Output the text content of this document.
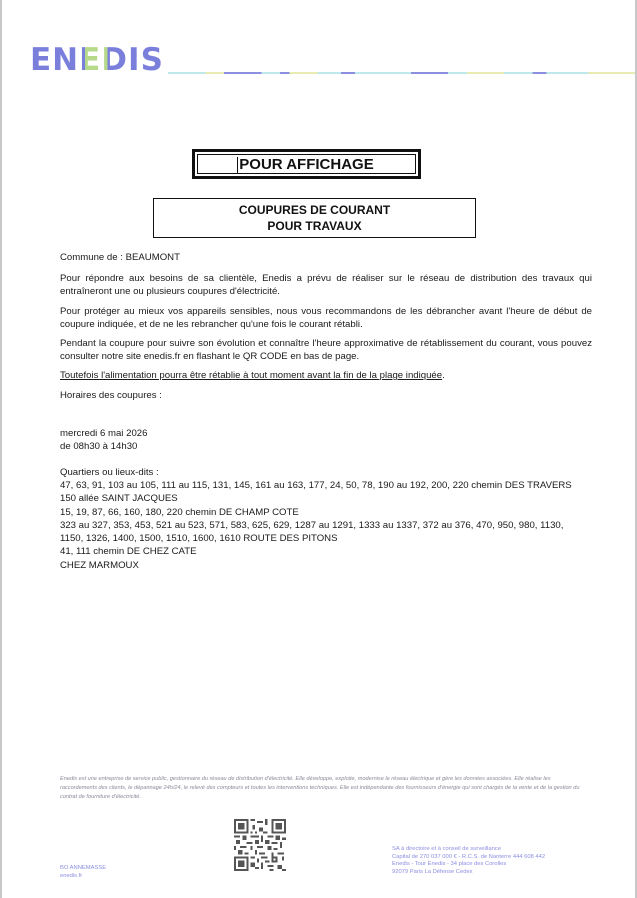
ENEDIS
POUR AFFICHAGE
COUPURES DE COURANT
POUR TRAVAUX

Commune de : BEAUMONT

Pour répondre aux besoins de sa clientèle, Enedis a prévu de réaliser sur le réseau de distribution des travaux qui entraîneront une ou plusieurs coupures d'électricité.

Pour protéger au mieux vos appareils sensibles, nous vous recommandons de les débrancher avant l'heure de début de coupure indiquée, et de ne les rebrancher qu'une fois le courant rétabli.

Pendant la coupure pour suivre son évolution et connaître l'heure approximative de rétablissement du courant, vous pouvez consulter notre site enedis.fr en flashant le QR CODE en bas de page.

Toutefois l'alimentation pourra être rétablie à tout moment avant la fin de la plage indiquée.

Horaires des coupures :

mercredi 6 mai 2026

de 08h30 à 14h30

Quartiers ou lieux-dits :

47, 63, 91, 103 au 105, 111 au 115, 131, 145, 161 au 163, 177, 24, 50, 78, 190 au 192, 200, 220 chemin DES TRAVERS
150 allée SAINT JACQUES
15, 19, 87, 66, 160, 180, 220 chemin DE CHAMP COTE
323 au 327, 353, 453, 521 au 523, 571, 583, 625, 629, 1287 au 1291, 1333 au 1337, 372 au 376, 470, 950, 980, 1130,
1150, 1326, 1400, 1500, 1510, 1600, 1610 ROUTE DES PITONS
41, 111 chemin DE CHEZ CATE
CHEZ MARMOUX

Enedis est une entreprise de service public, gestionnaire du réseau de distribution d'électricité. Elle développe, exploite, modernise le réseau électrique et gère les données associées. Elle réalise les raccordements des clients, le dépannage 24h/24, le relevé des compteurs et toutes les interventions techniques. Elle est indépendante des fournisseurs d'énergie qui sont chargés de la vente et de la gestion du contrat de fourniture d'électricité.

BO ANNEMASSE
enedis.fr
SA à directoire et à conseil de surveillance
Capital de 270 037 000 € - R.C.S. de Nanterre 444 608 442
Enedis - Tour Enedis - 34 place des Corolles
92079 Paris La Défense Cedex
